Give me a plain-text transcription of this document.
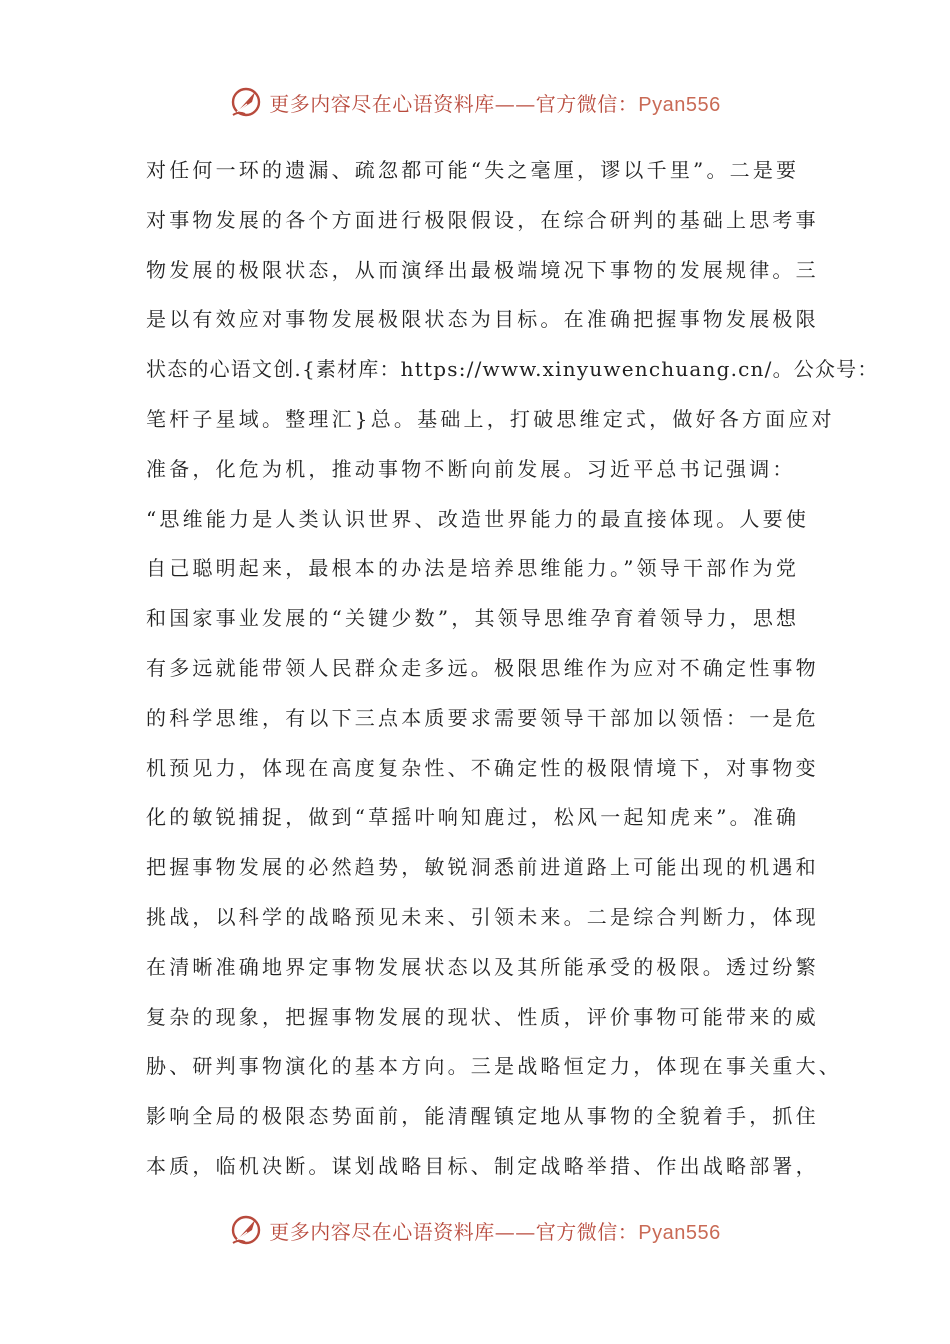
更多内容尽在心语资料库——官方微信：Pyan556
对任何一环的遗漏、疏忽都可能“失之毫厘，谬以千里”。二是要
对事物发展的各个方面进行极限假设，在综合研判的基础上思考事
物发展的极限状态，从而演绎出最极端境况下事物的发展规律。三
是以有效应对事物发展极限状态为目标。在准确把握事物发展极限
状态的心语文创.{素材库：https://www.xinyuwenchuang.cn/。公众号：
笔杆子星域。整理汇}总。基础上，打破思维定式，做好各方面应对
准备，化危为机，推动事物不断向前发展。习近平总书记强调：
“思维能力是人类认识世界、改造世界能力的最直接体现。人要使
自己聪明起来，最根本的办法是培养思维能力。”领导干部作为党
和国家事业发展的“关键少数”，其领导思维孕育着领导力，思想
有多远就能带领人民群众走多远。极限思维作为应对不确定性事物
的科学思维，有以下三点本质要求需要领导干部加以领悟：一是危
机预见力，体现在高度复杂性、不确定性的极限情境下，对事物变
化的敏锐捕捉，做到“草摇叶响知鹿过，松风一起知虎来”。准确
把握事物发展的必然趋势，敏锐洞悉前进道路上可能出现的机遇和
挑战，以科学的战略预见未来、引领未来。二是综合判断力，体现
在清晰准确地界定事物发展状态以及其所能承受的极限。透过纷繁
复杂的现象，把握事物发展的现状、性质，评价事物可能带来的威
胁、研判事物演化的基本方向。三是战略恒定力，体现在事关重大、
影响全局的极限态势面前，能清醒镇定地从事物的全貌着手，抓住
本质，临机决断。谋划战略目标、制定战略举措、作出战略部署，
更多内容尽在心语资料库——官方微信：Pyan556
